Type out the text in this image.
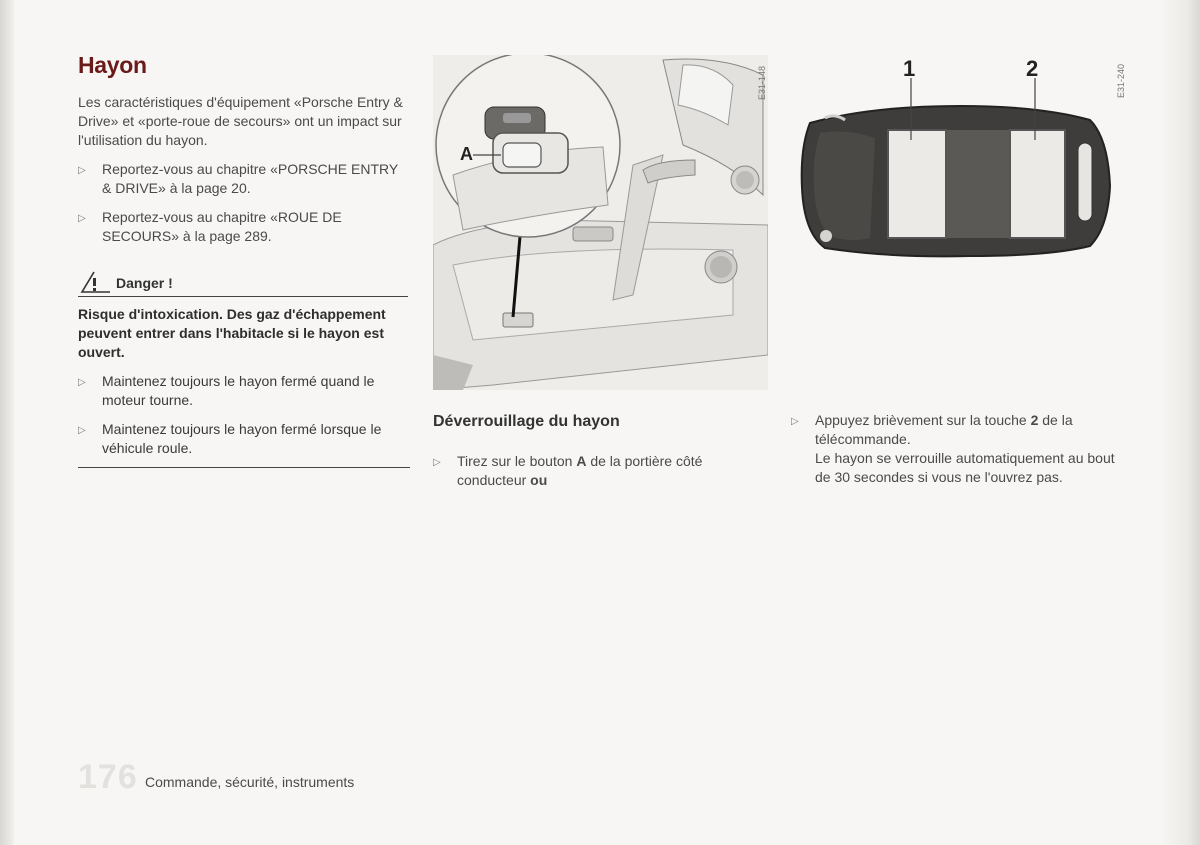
Hayon

Les caractéristiques d'équipement «Porsche Entry & Drive» et «porte-roue de secours» ont un impact sur l'utilisation du hayon.

▷ Reportez-vous au chapitre «PORSCHE ENTRY & DRIVE» à la page 20.
▷ Reportez-vous au chapitre «ROUE DE SECOURS» à la page 289.
Danger !

Risque d'intoxication. Des gaz d'échappement peuvent entrer dans l'habitacle si le hayon est ouvert.

▷ Maintenez toujours le hayon fermé quand le moteur tourne.
▷ Maintenez toujours le hayon fermé lorsque le véhicule roule.
A
E31-148	1	2	E31-240
Déverrouillage du hayon
▷ Tirez sur le bouton A de la portière côté conducteur ou
▷ Appuyez brièvement sur la touche 2 de la télécommande.
Le hayon se verrouille automatiquement au bout de 30 secondes si vous ne l'ouvrez pas.
176 Commande, sécurité, instruments
